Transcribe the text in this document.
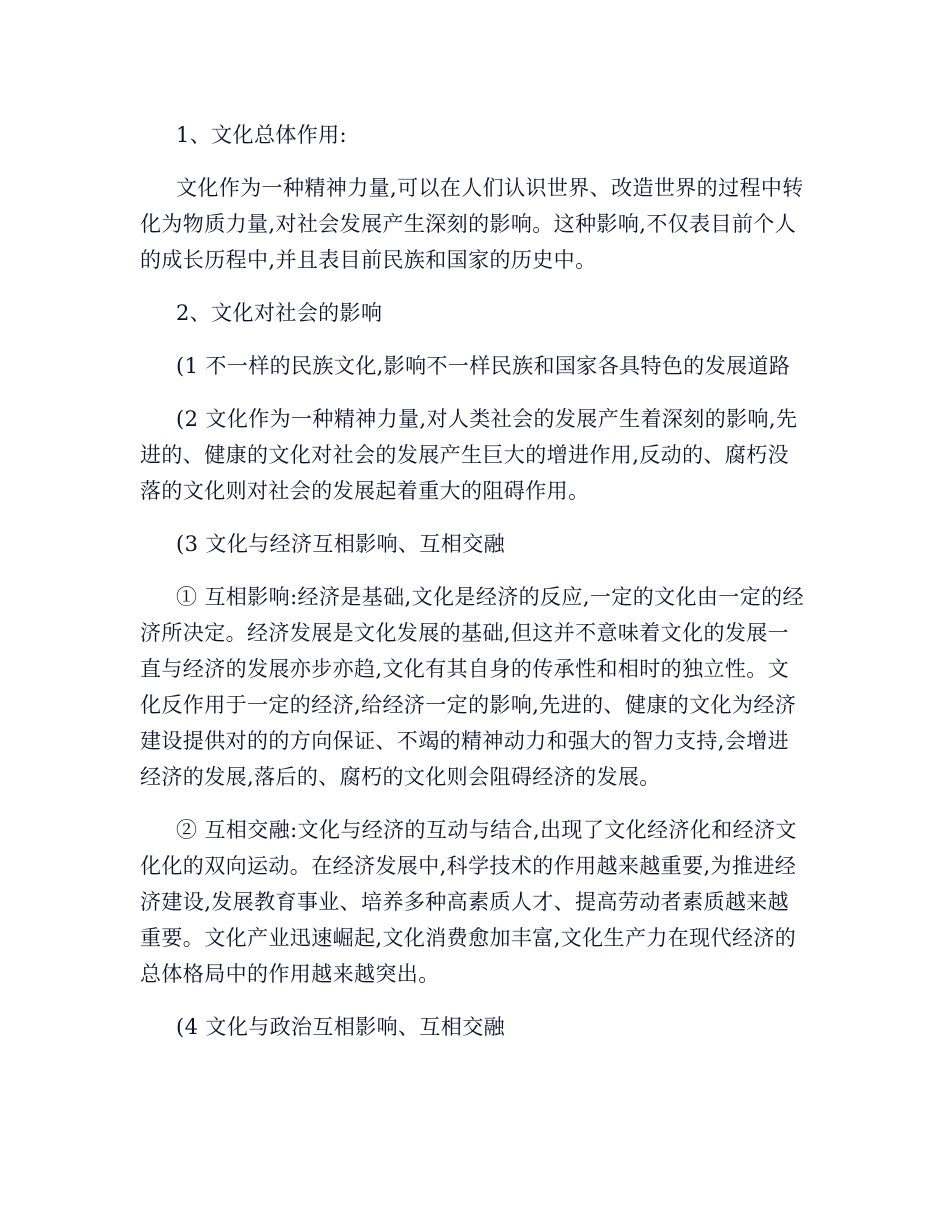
1、文化总体作用:

文化作为一种精神力量,可以在人们认识世界、改造世界的过程中转化为物质力量,对社会发展产生深刻的影响。这种影响,不仅表目前个人的成长历程中,并且表目前民族和国家的历史中。

2、文化对社会的影响

(1 不一样的民族文化,影响不一样民族和国家各具特色的发展道路

(2 文化作为一种精神力量,对人类社会的发展产生着深刻的影响,先进的、健康的文化对社会的发展产生巨大的增进作用,反动的、腐朽没落的文化则对社会的发展起着重大的阻碍作用。

(3 文化与经济互相影响、互相交融

① 互相影响:经济是基础,文化是经济的反应,一定的文化由一定的经济所决定。经济发展是文化发展的基础,但这并不意味着文化的发展一直与经济的发展亦步亦趋,文化有其自身的传承性和相时的独立性。文化反作用于一定的经济,给经济一定的影响,先进的、健康的文化为经济建设提供对的的方向保证、不竭的精神动力和强大的智力支持,会增进经济的发展,落后的、腐朽的文化则会阻碍经济的发展。

② 互相交融:文化与经济的互动与结合,出现了文化经济化和经济文化化的双向运动。在经济发展中,科学技术的作用越来越重要,为推进经济建设,发展教育事业、培养多种高素质人才、提高劳动者素质越来越重要。文化产业迅速崛起,文化消费愈加丰富,文化生产力在现代经济的总体格局中的作用越来越突出。

(4 文化与政治互相影响、互相交融
